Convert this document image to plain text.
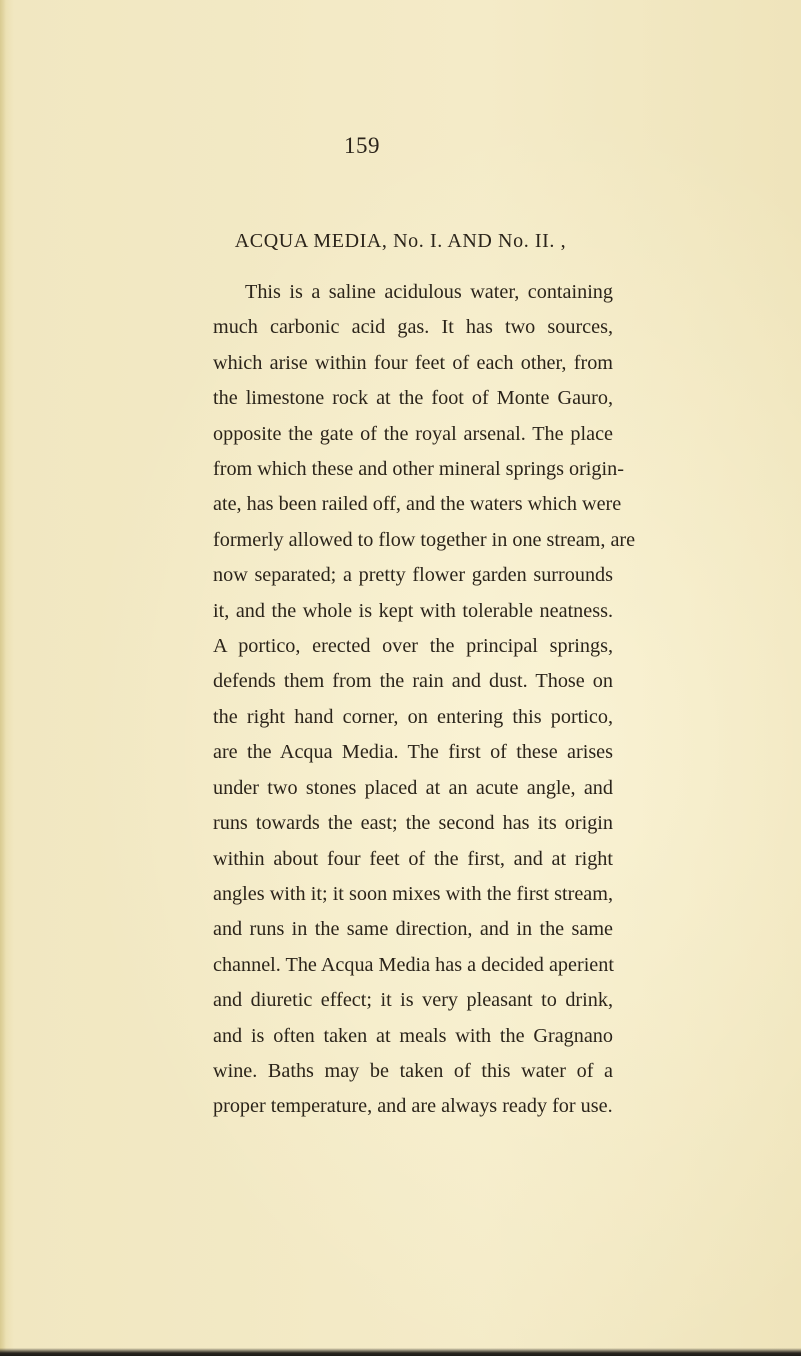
159
ACQUA MEDIA, No. I. AND No. II. ,

This is a saline acidulous water, containing
much carbonic acid gas. It has two sources,
which arise within four feet of each other, from
the limestone rock at the foot of Monte Gauro,
opposite the gate of the royal arsenal. The place
from which these and other mineral springs origin-
ate, has been railed off, and the waters which were
formerly allowed to flow together in one stream, are
now separated; a pretty flower garden surrounds
it, and the whole is kept with tolerable neatness.
A portico, erected over the principal springs,
defends them from the rain and dust. Those on
the right hand corner, on entering this portico,
are the Acqua Media. The first of these arises
under two stones placed at an acute angle, and
runs towards the east; the second has its origin
within about four feet of the first, and at right
angles with it; it soon mixes with the first stream,
and runs in the same direction, and in the same
channel. The Acqua Media has a decided aperient
and diuretic effect; it is very pleasant to drink,
and is often taken at meals with the Gragnano
wine. Baths may be taken of this water of a
proper temperature, and are always ready for use.
